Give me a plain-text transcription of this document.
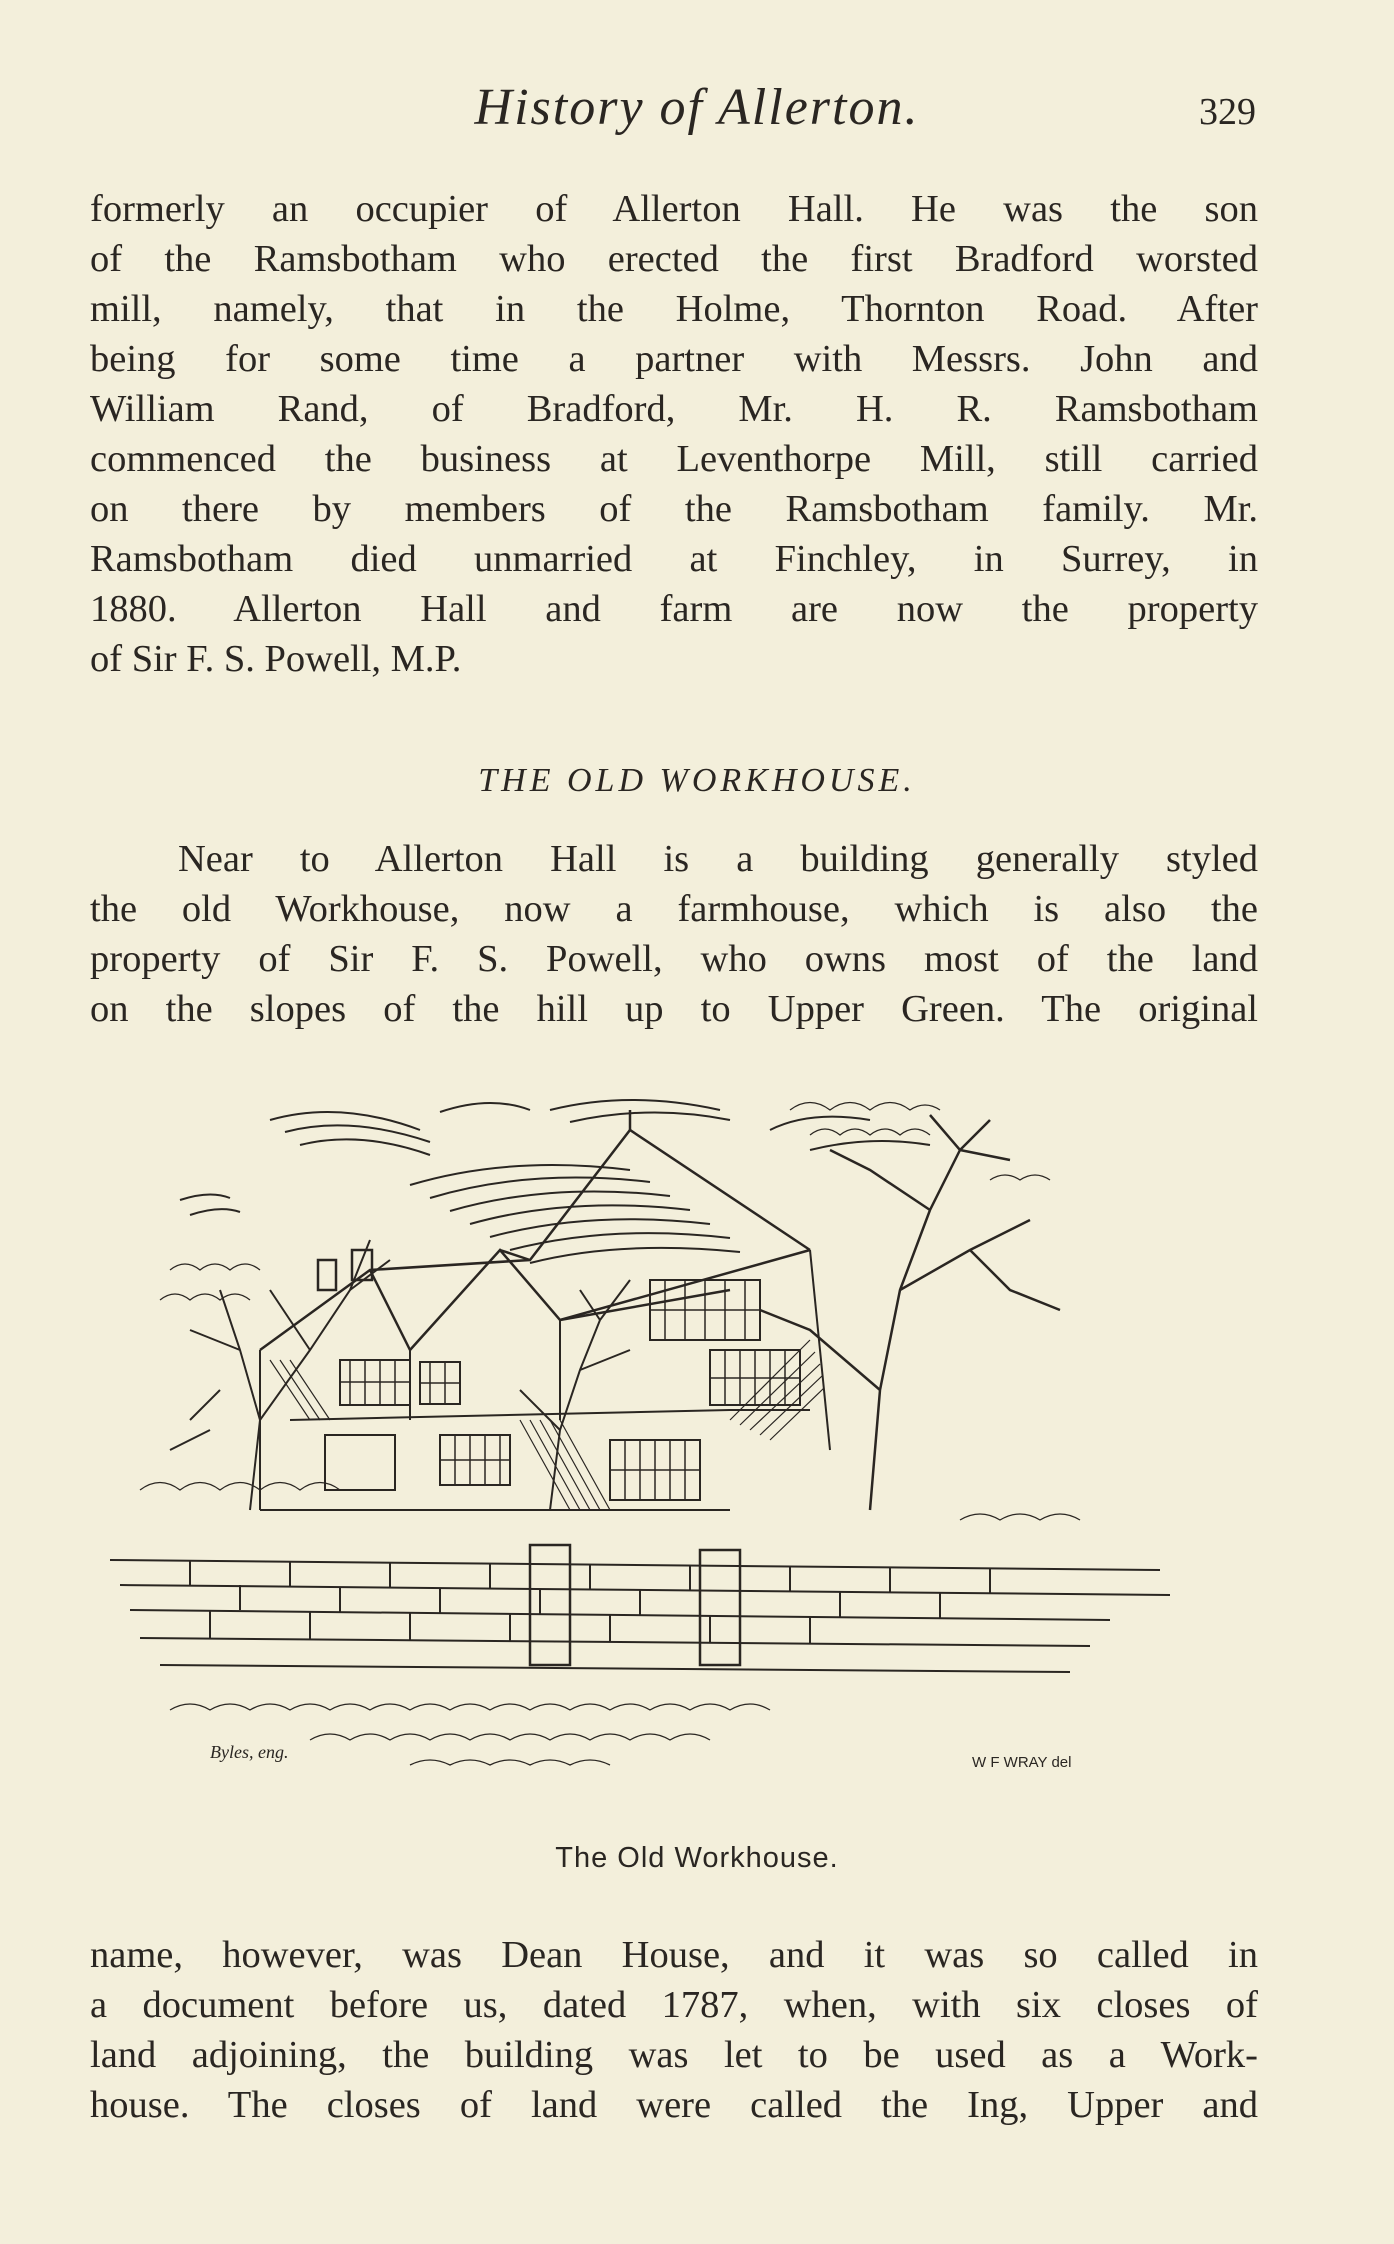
History of Allerton.	329
formerly an occupier of Allerton Hall. He was the son
of the Ramsbotham who erected the first Bradford worsted
mill, namely, that in the Holme, Thornton Road. After
being for some time a partner with Messrs. John and
William Rand, of Bradford, Mr. H. R. Ramsbotham
commenced the business at Leventhorpe Mill, still carried
on there by members of the Ramsbotham family. Mr.
Ramsbotham died unmarried at Finchley, in Surrey, in
1880. Allerton Hall and farm are now the property
of Sir F. S. Powell, M.P.
THE OLD WORKHOUSE.
Near to Allerton Hall is a building generally styled
the old Workhouse, now a farmhouse, which is also the
property of Sir F. S. Powell, who owns most of the land
on the slopes of the hill up to Upper Green. The original
Byles, eng.
W F WRAY del
The Old Workhouse.
name, however, was Dean House, and it was so called in
a document before us, dated 1787, when, with six closes of
land adjoining, the building was let to be used as a Work-
house. The closes of land were called the Ing, Upper and
